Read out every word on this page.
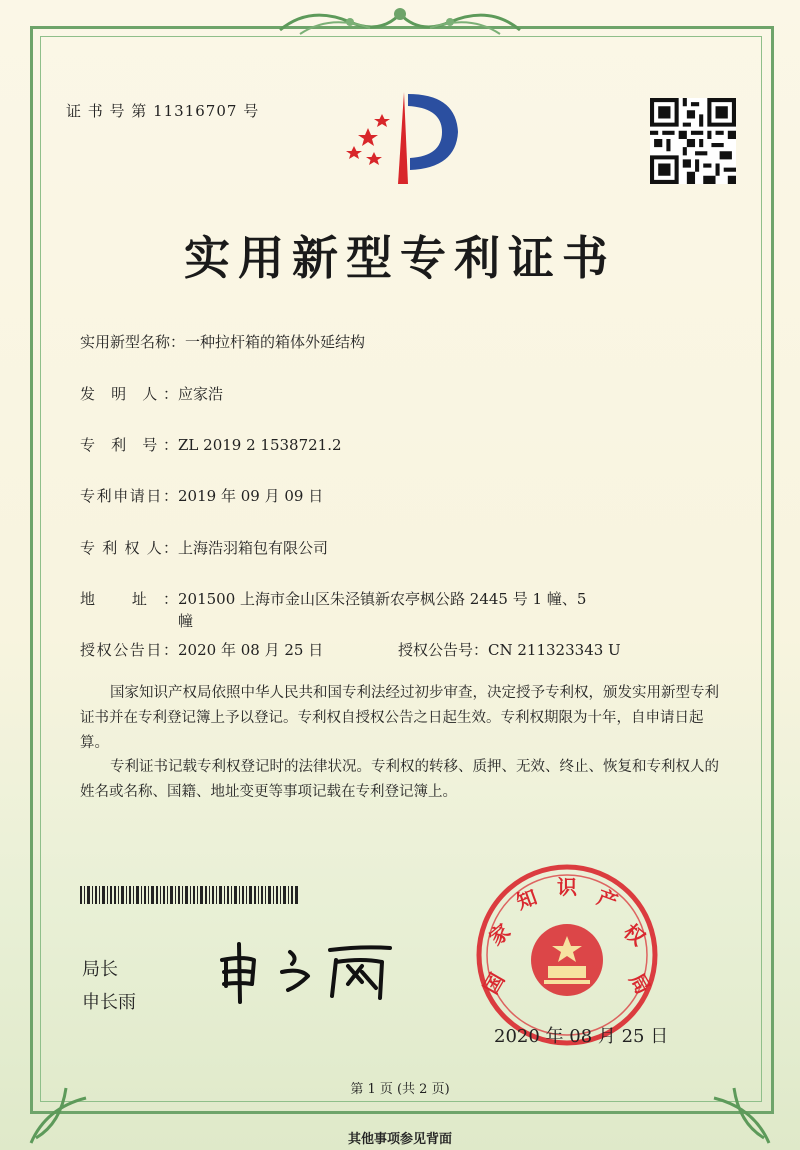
证 书 号 第 11316707 号
实用新型专利证书
实用新型名称：一种拉杆箱的箱体外延结构
发 明 人：应家浩
专 利 号：ZL 2019 2 1538721.2
专利申请日：2019 年 09 月 09 日
专 利 权 人：上海浩羽箱包有限公司
地 址：201500 上海市金山区朱泾镇新农亭枫公路 2445 号 1 幢、5
幢
授权公告日：2020 年 08 月 25 日	授权公告号：CN 211323343 U
国家知识产权局依照中华人民共和国专利法经过初步审查，决定授予专利权，颁发实用新型专利证书并在专利登记簿上予以登记。专利权自授权公告之日起生效。专利权期限为十年，自申请日起算。
专利证书记载专利权登记时的法律状况。专利权的转移、质押、无效、终止、恢复和专利权人的姓名或名称、国籍、地址变更等事项记载在专利登记簿上。
局长
申长雨
国
家
知 识 产
权
局
2020 年 08 月 25 日
第 1 页 (共 2 页)
其他事项参见背面
